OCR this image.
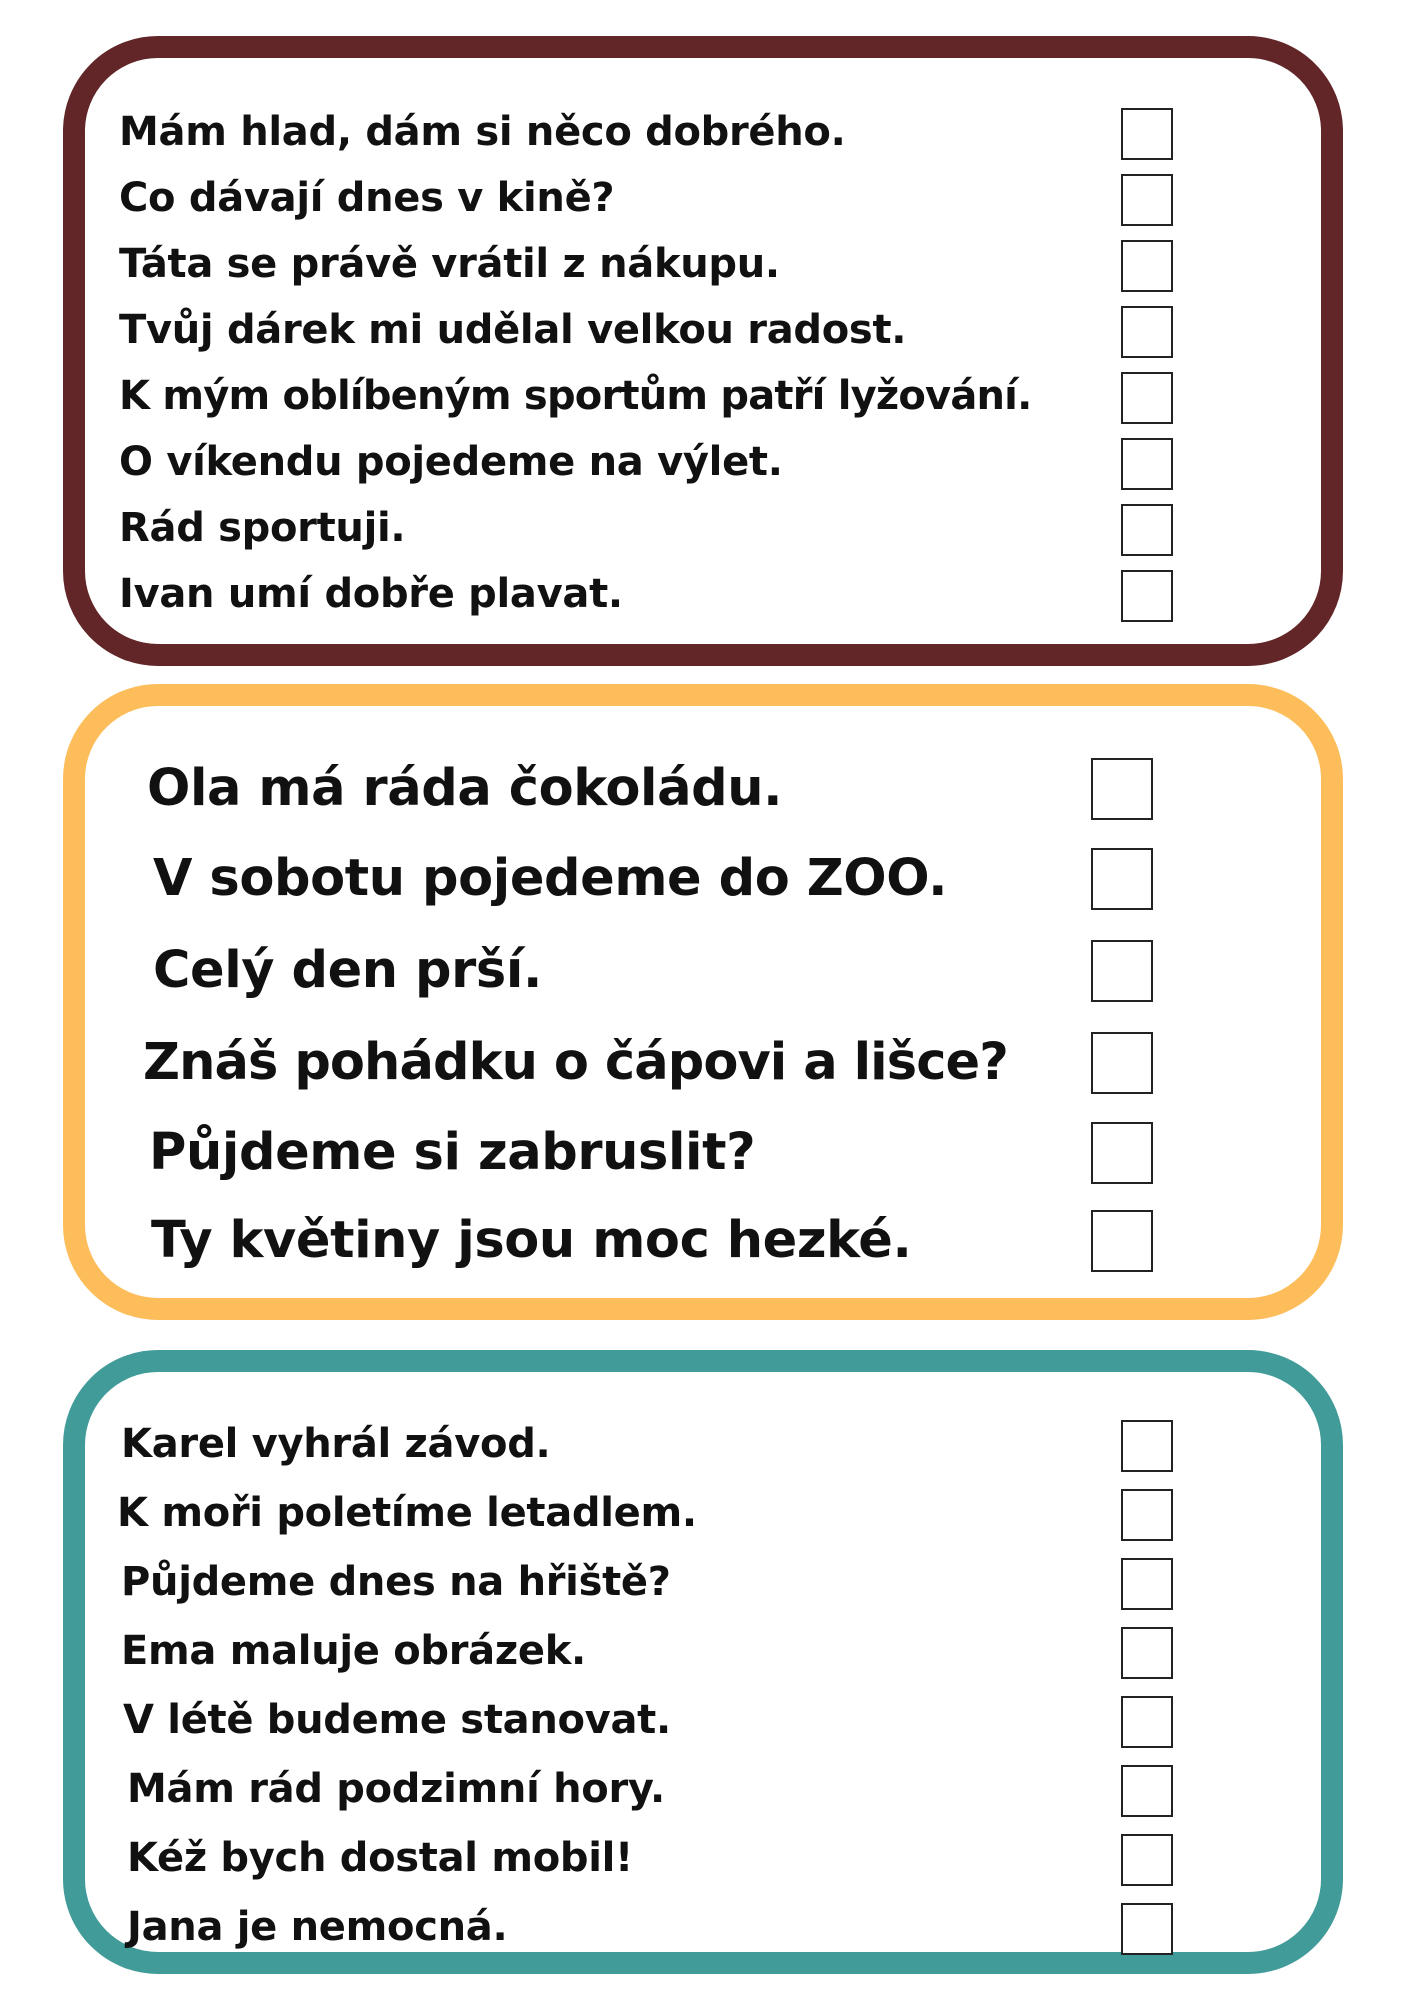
Mám hlad, dám si něco dobrého.
Co dávají dnes v kině?
Táta se právě vrátil z nákupu.
Tvůj dárek mi udělal velkou radost.
K mým oblíbeným sportům patří lyžování.
O víkendu pojedeme na výlet.
Rád sportuji.
Ivan umí dobře plavat.
Ola má ráda čokoládu.
V sobotu pojedeme do ZOO.
Celý den prší.
Znáš pohádku o čápovi a lišce?
Půjdeme si zabruslit?
Ty květiny jsou moc hezké.
Karel vyhrál závod.
K moři poletíme letadlem.
Půjdeme dnes na hřiště?
Ema maluje obrázek.
V létě budeme stanovat.
Mám rád podzimní hory.
Kéž bych dostal mobil!
Jana je nemocná.
